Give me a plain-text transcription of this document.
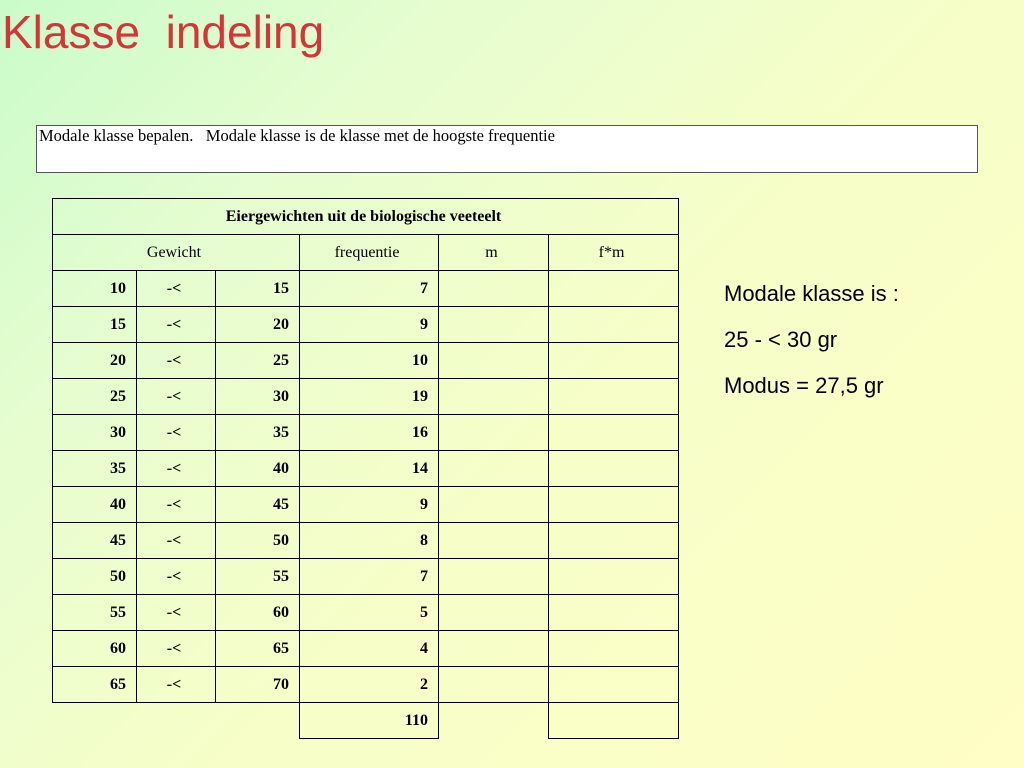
Klasse  indeling
Modale klasse bepalen.   Modale klasse is de klasse met de hoogste frequentie
Eiergewichten uit de biologische veeteelt					
Gewicht			frequentie	m	f*m
10	-<	15	7		
15	-<	20	9		
20	-<	25	10		
25	-<	30	19		
30	-<	35	16		
35	-<	40	14		
40	-<	45	9		
45	-<	50	8		
50	-<	55	7		
55	-<	60	5		
60	-<	65	4		
65	-<	70	2		
			110		
Modale klasse is :
25 - < 30 gr
Modus = 27,5 gr
